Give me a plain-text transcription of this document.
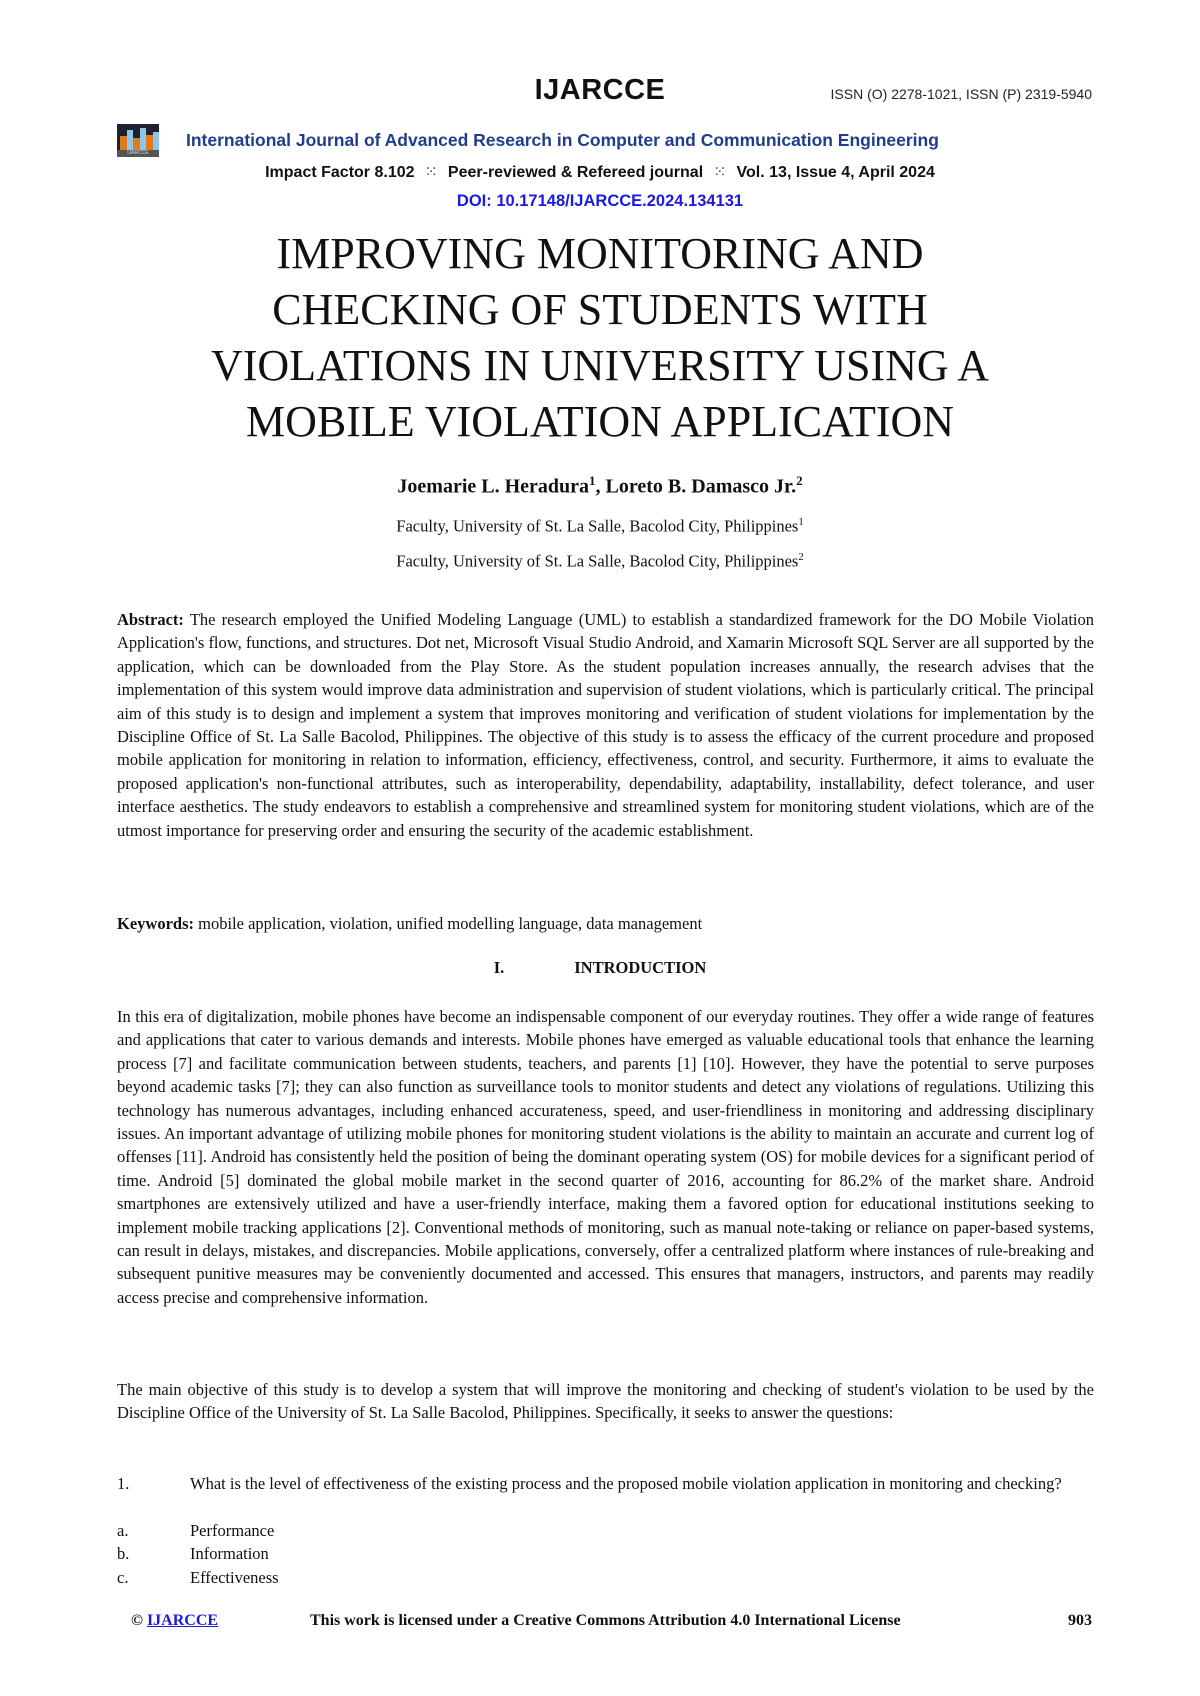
IJARCCE	ISSN (O) 2278-1021, ISSN (P) 2319-5940
IJARCCE
International Journal of Advanced Research in Computer and Communication Engineering
Impact Factor 8.102 ⁙ Peer-reviewed & Refereed journal ⁙ Vol. 13, Issue 4, April 2024
DOI: 10.17148/IJARCCE.2024.134131
IMPROVING MONITORING AND
CHECKING OF STUDENTS WITH
VIOLATIONS IN UNIVERSITY USING A
MOBILE VIOLATION APPLICATION
Joemarie L. Heradura$^1$, Loreto B. Damasco Jr.$^2$
Faculty, University of St. La Salle, Bacolod City, Philippines$^1$
Faculty, University of St. La Salle, Bacolod City, Philippines$^2$
Abstract: The research employed the Unified Modeling Language (UML) to establish a standardized framework for the DO Mobile Violation Application's flow, functions, and structures. Dot net, Microsoft Visual Studio Android, and Xamarin Microsoft SQL Server are all supported by the application, which can be downloaded from the Play Store. As the student population increases annually, the research advises that the implementation of this system would improve data administration and supervision of student violations, which is particularly critical. The principal aim of this study is to design and implement a system that improves monitoring and verification of student violations for implementation by the Discipline Office of St. La Salle Bacolod, Philippines. The objective of this study is to assess the efficacy of the current procedure and proposed mobile application for monitoring in relation to information, efficiency, effectiveness, control, and security. Furthermore, it aims to evaluate the proposed application's non-functional attributes, such as interoperability, dependability, adaptability, installability, defect tolerance, and user interface aesthetics. The study endeavors to establish a comprehensive and streamlined system for monitoring student violations, which are of the utmost importance for preserving order and ensuring the security of the academic establishment.
Keywords: mobile application, violation, unified modelling language, data management
I.	INTRODUCTION
In this era of digitalization, mobile phones have become an indispensable component of our everyday routines. They offer a wide range of features and applications that cater to various demands and interests. Mobile phones have emerged as valuable educational tools that enhance the learning process [7] and facilitate communication between students, teachers, and parents [1] [10]. However, they have the potential to serve purposes beyond academic tasks [7]; they can also function as surveillance tools to monitor students and detect any violations of regulations. Utilizing this technology has numerous advantages, including enhanced accurateness, speed, and user-friendliness in monitoring and addressing disciplinary issues. An important advantage of utilizing mobile phones for monitoring student violations is the ability to maintain an accurate and current log of offenses [11]. Android has consistently held the position of being the dominant operating system (OS) for mobile devices for a significant period of time. Android [5] dominated the global mobile market in the second quarter of 2016, accounting for 86.2% of the market share. Android smartphones are extensively utilized and have a user-friendly interface, making them a favored option for educational institutions seeking to implement mobile tracking applications [2]. Conventional methods of monitoring, such as manual note-taking or reliance on paper-based systems, can result in delays, mistakes, and discrepancies. Mobile applications, conversely, offer a centralized platform where instances of rule-breaking and subsequent punitive measures may be conveniently documented and accessed. This ensures that managers, instructors, and parents may readily access precise and comprehensive information.
The main objective of this study is to develop a system that will improve the monitoring and checking of student's violation to be used by the Discipline Office of the University of St. La Salle Bacolod, Philippines. Specifically, it seeks to answer the questions:
1.	What is the level of effectiveness of the existing process and the proposed mobile violation application in monitoring and checking?
a.	Performance
b.	Information
c.	Effectiveness
© IJARCCE	This work is licensed under a Creative Commons Attribution 4.0 International License	903
